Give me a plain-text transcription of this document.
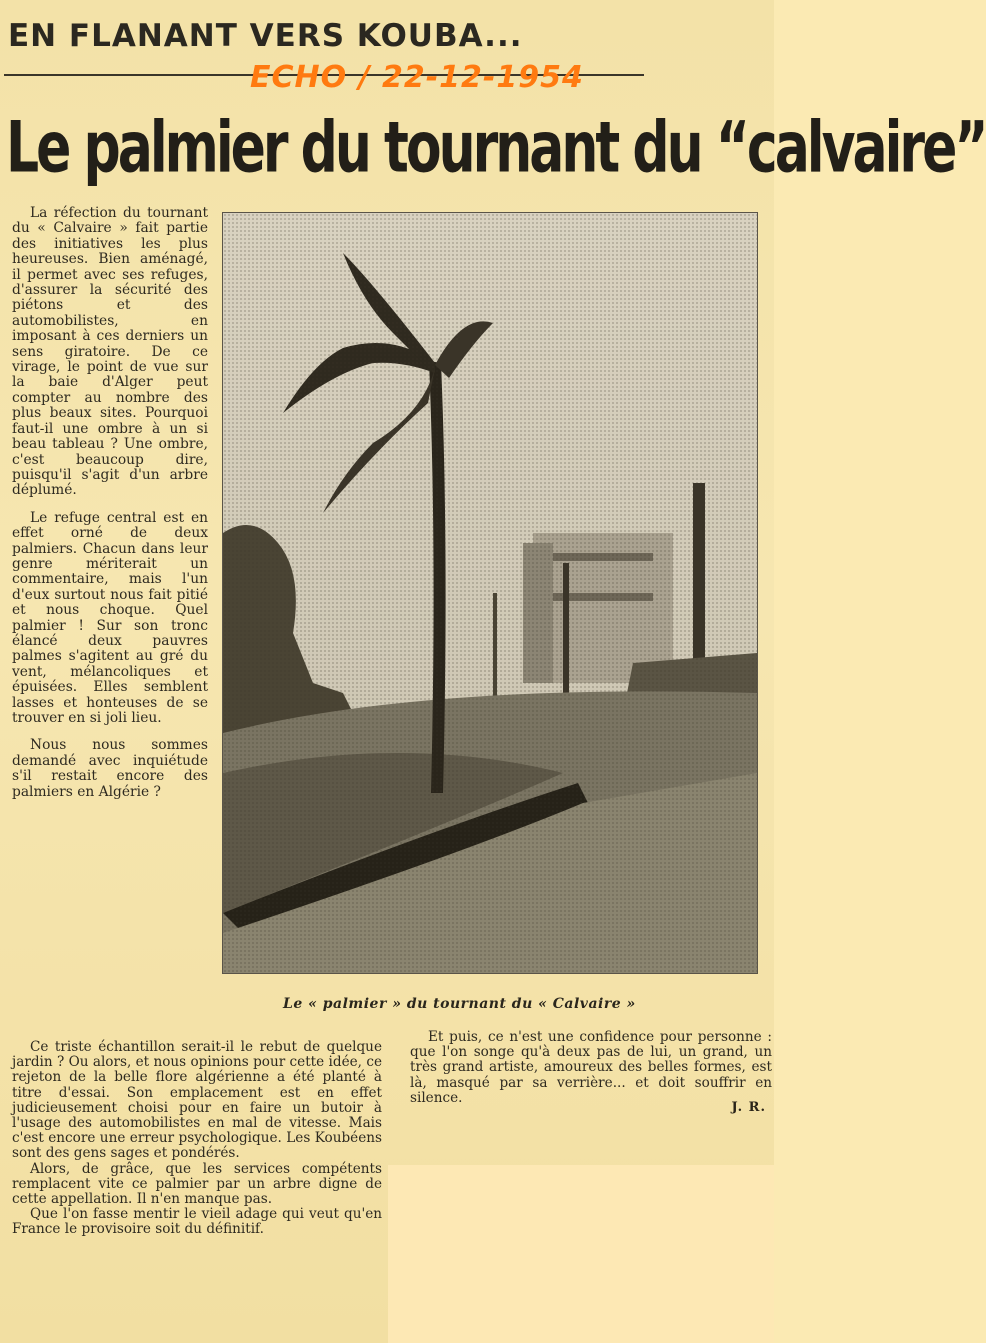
EN FLANANT VERS KOUBA...
ECHO / 22-12-1954
Le palmier du tournant du “calvaire”

La réfection du tournant du « Calvaire » fait partie des initiatives les plus heureuses. Bien aménagé, il permet avec ses refuges, d'assurer la sécurité des piétons et des automobilistes, en imposant à ces derniers un sens giratoire. De ce virage, le point de vue sur la baie d'Alger peut compter au nombre des plus beaux sites. Pourquoi faut-il une ombre à un si beau tableau ? Une ombre, c'est beaucoup dire, puisqu'il s'agit d'un arbre déplumé.

Le refuge central est en effet orné de deux palmiers. Chacun dans leur genre mériterait un commentaire, mais l'un d'eux surtout nous fait pitié et nous choque. Quel palmier ! Sur son tronc élancé deux pauvres palmes s'agitent au gré du vent, mélancoliques et épuisées. Elles semblent lasses et honteuses de se trouver en si joli lieu.

Nous nous sommes demandé avec inquiétude s'il restait encore des palmiers en Algérie ?

Le « palmier » du tournant du « Calvaire »

Ce triste échantillon serait-il le rebut de quelque jardin ? Ou alors, et nous opinions pour cette idée, ce rejeton de la belle flore algérienne a été planté à titre d'essai. Son emplacement est en effet judicieusement choisi pour en faire un butoir à l'usage des automobilistes en mal de vitesse. Mais c'est encore une erreur psychologique. Les Koubéens sont des gens sages et pondérés.

Alors, de grâce, que les services compétents remplacent vite ce palmier par un arbre digne de cette appellation. Il n'en manque pas.

Que l'on fasse mentir le vieil adage qui veut qu'en France le provisoire soit du définitif.

Et puis, ce n'est une confidence pour personne : que l'on songe qu'à deux pas de lui, un grand, un très grand artiste, amoureux des belles formes, est là, masqué par sa verrière... et doit souffrir en silence.

J. R.
